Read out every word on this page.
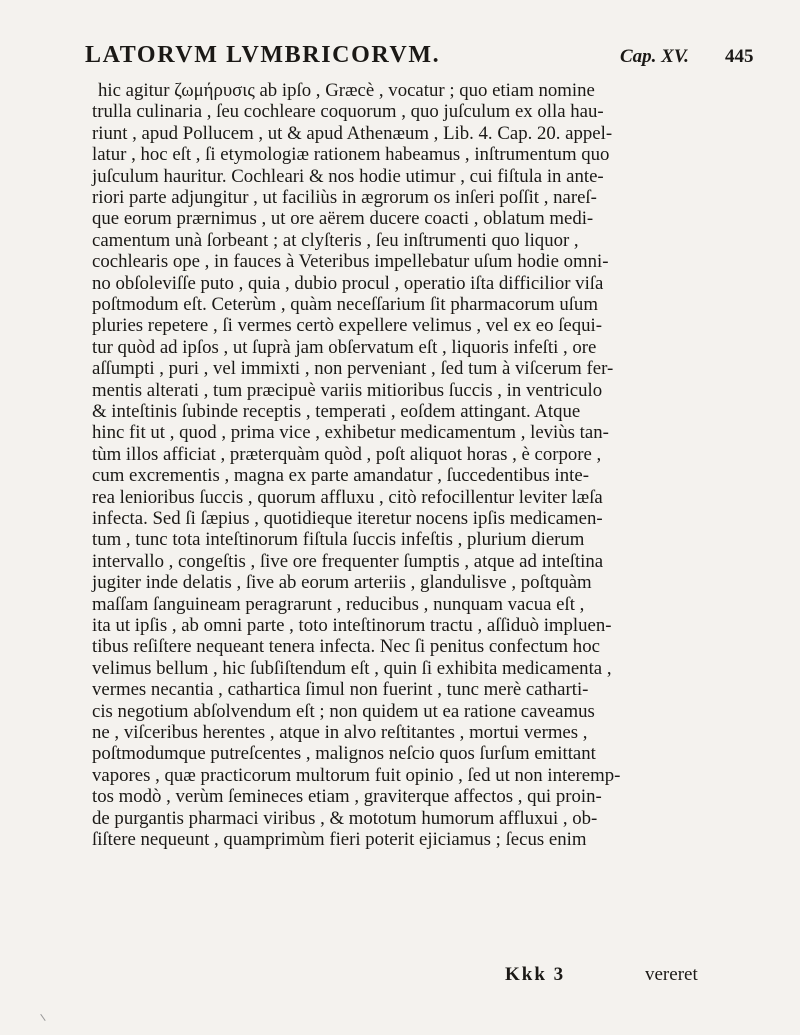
LATORVM LVMBRICORVM.	Cap. XV. 445
hic agitur ζωμήρυσις ab ipſo , Græcè , vocatur ; quo etiam nomine
trulla culinaria , ſeu cochleare coquorum , quo juſculum ex olla hau-
riunt , apud Pollucem , ut & apud Athenæum , Lib. 4. Cap. 20. appel-
latur , hoc eſt , ſi etymologiæ rationem habeamus , inſtrumentum quo
juſculum hauritur. Cochleari & nos hodie utimur , cui fiſtula in ante-
riori parte adjungitur , ut faciliùs in ægrorum os inſeri poſſit , nareſ-
que eorum prærnimus , ut ore aërem ducere coacti , oblatum medi-
camentum unà ſorbeant ; at clyſteris , ſeu inſtrumenti quo liquor ,
cochlearis ope , in fauces à Veteribus impellebatur uſum hodie omni-
no obſoleviſſe puto , quia , dubio procul , operatio iſta difficilior viſa
poſtmodum eſt. Ceterùm , quàm neceſſarium ſit pharmacorum uſum
pluries repetere , ſi vermes certò expellere velimus , vel ex eo ſequi-
tur quòd ad ipſos , ut ſuprà jam obſervatum eſt , liquoris infeſti , ore
aſſumpti , puri , vel immixti , non perveniant , ſed tum à viſcerum fer-
mentis alterati , tum præcipuè variis mitioribus ſuccis , in ventriculo
& inteſtinis ſubinde receptis , temperati , eoſdem attingant. Atque
hinc fit ut , quod , prima vice , exhibetur medicamentum , leviùs tan-
tùm illos afficiat , præterquàm quòd , poſt aliquot horas , è corpore ,
cum excrementis , magna ex parte amandatur , ſuccedentibus inte-
rea lenioribus ſuccis , quorum affluxu , citò refocillentur leviter læſa
infecta. Sed ſi ſæpius , quotidieque iteretur nocens ipſis medicamen-
tum , tunc tota inteſtinorum fiſtula ſuccis infeſtis , plurium dierum
intervallo , congeſtis , ſive ore frequenter ſumptis , atque ad inteſtina
jugiter inde delatis , ſive ab eorum arteriis , glandulisve , poſtquàm
maſſam ſanguineam peragrarunt , reducibus , nunquam vacua eſt ,
ita ut ipſis , ab omni parte , toto inteſtinorum tractu , aſſiduò impluen-
tibus reſiſtere nequeant tenera infecta. Nec ſi penitus confectum hoc
velimus bellum , hic ſubſiſtendum eſt , quin ſi exhibita medicamenta ,
vermes necantia , cathartica ſimul non fuerint , tunc merè catharti-
cis negotium abſolvendum eſt ; non quidem ut ea ratione caveamus
ne , viſceribus herentes , atque in alvo reſtitantes , mortui vermes ,
poſtmodumque putreſcentes , malignos neſcio quos ſurſum emittant
vapores , quæ practicorum multorum fuit opinio , ſed ut non interemp-
tos modò , verùm ſemineces etiam , graviterque affectos , qui proin-
de purgantis pharmaci viribus , & mototum humorum affluxui , ob-
ſiſtere nequeunt , quamprimùm fieri poterit ejiciamus ; ſecus enim
Kkk 3	vereret
